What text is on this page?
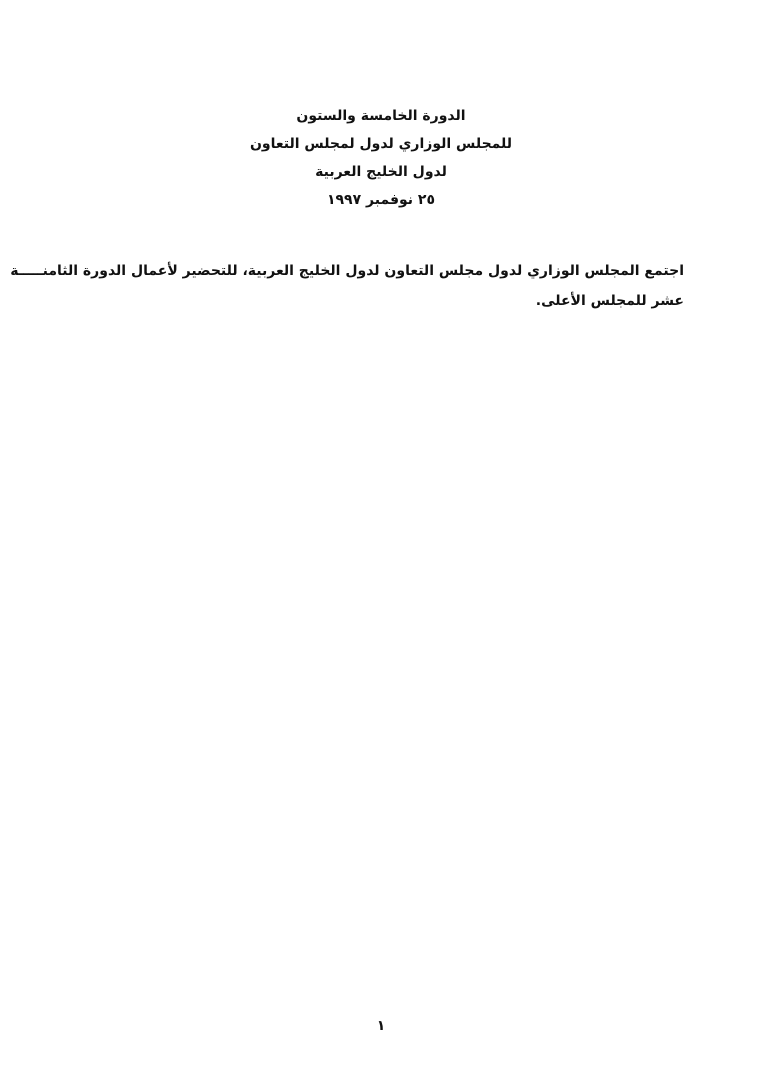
الدورة الخامسة والستون
للمجلس الوزاري لدول لمجلس التعاون
لدول الخليج العربية
٢٥ نوفمبر ١٩٩٧
اجتمع المجلس الوزاري لدول مجلس التعاون لدول الخليج العربية، للتحضير لأعمال الدورة الثامنـــــة
عشر للمجلس الأعلى.
١
